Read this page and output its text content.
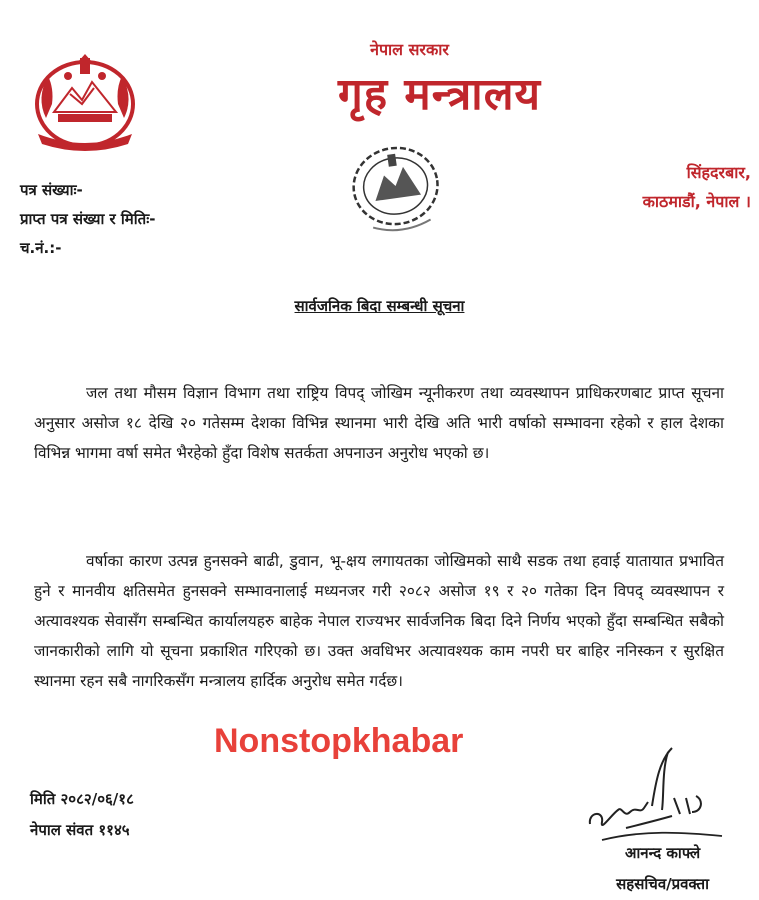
नेपाल सरकार
गृह मन्त्रालय
पत्र संख्याः-
प्राप्त पत्र संख्या र मितिः-
च.नं.:-
सिंहदरबार,
काठमाडौं, नेपाल ।
सार्वजनिक बिदा सम्बन्धी सूचना
जल तथा मौसम विज्ञान विभाग तथा राष्ट्रिय विपद् जोखिम न्यूनीकरण तथा व्यवस्थापन प्राधिकरणबाट प्राप्त सूचना अनुसार असोज १८ देखि २० गतेसम्म देशका विभिन्न स्थानमा भारी देखि अति भारी वर्षाको सम्भावना रहेको र हाल देशका विभिन्न भागमा वर्षा समेत भैरहेको हुँदा विशेष सतर्कता अपनाउन अनुरोध भएको छ।
वर्षाका कारण उत्पन्न हुनसक्ने बाढी, डुवान, भू-क्षय लगायतका जोखिमको साथै सडक तथा हवाई यातायात प्रभावित हुने र मानवीय क्षतिसमेत हुनसक्ने सम्भावनालाई मध्यनजर गरी २०८२ असोज १९ र २० गतेका दिन विपद् व्यवस्थापन र अत्यावश्यक सेवासँग सम्बन्धित कार्यालयहरु बाहेक नेपाल राज्यभर सार्वजनिक बिदा दिने निर्णय भएको हुँदा सम्बन्धित सबैको जानकारीको लागि यो सूचना प्रकाशित गरिएको छ। उक्त अवधिभर अत्यावश्यक काम नपरी घर बाहिर ननिस्कन र सुरक्षित स्थानमा रहन सबै नागरिकसँग मन्त्रालय हार्दिक अनुरोध समेत गर्दछ।
Nonstopkhabar
मिति २०८२/०६/१८
नेपाल संवत ११४५
आनन्द काफ्ले
सहसचिव/प्रवक्ता
